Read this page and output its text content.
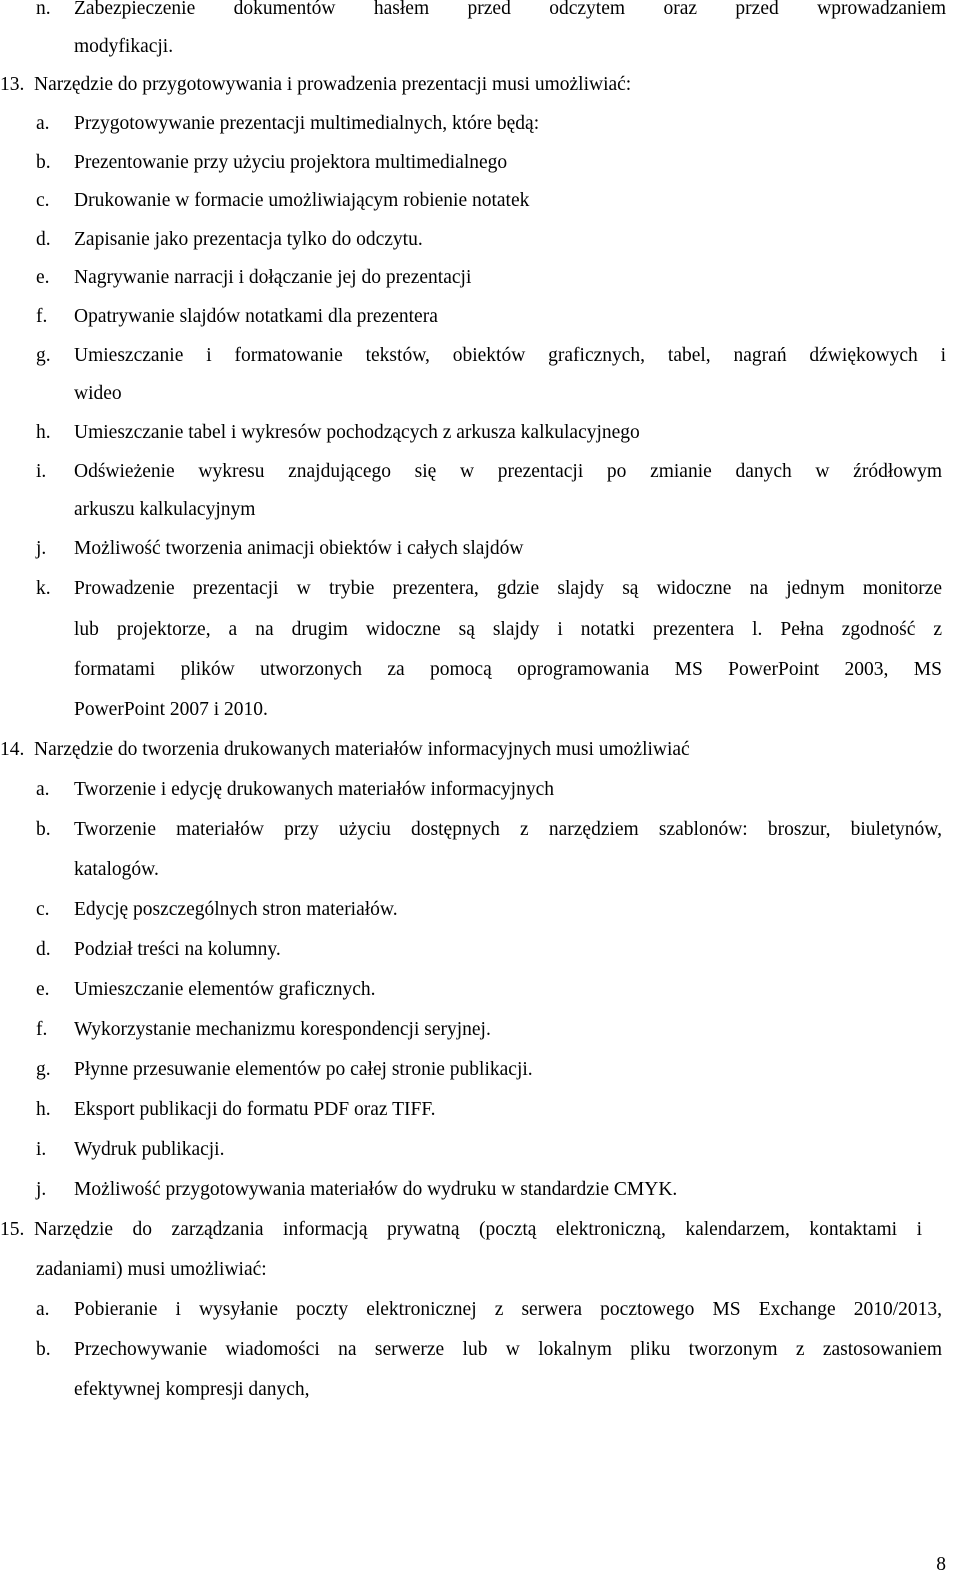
n. Zabezpieczenie dokumentów hasłem przed odczytem oraz przed wprowadzaniem
modyfikacji.
13. Narzędzie do przygotowywania i prowadzenia prezentacji musi umożliwiać:
a. Przygotowywanie prezentacji multimedialnych, które będą:
b. Prezentowanie przy użyciu projektora multimedialnego
c. Drukowanie w formacie umożliwiającym robienie notatek
d. Zapisanie jako prezentacja tylko do odczytu.
e. Nagrywanie narracji i dołączanie jej do prezentacji
f. Opatrywanie slajdów notatkami dla prezentera
g. Umieszczanie i formatowanie tekstów, obiektów graficznych, tabel, nagrań dźwiękowych i
wideo
h. Umieszczanie tabel i wykresów pochodzących z arkusza kalkulacyjnego
i. Odświeżenie wykresu znajdującego się w prezentacji po zmianie danych w źródłowym
arkuszu kalkulacyjnym
j. Możliwość tworzenia animacji obiektów i całych slajdów
k. Prowadzenie prezentacji w trybie prezentera, gdzie slajdy są widoczne na jednym monitorze
lub projektorze, a na drugim widoczne są slajdy i notatki prezentera l. Pełna zgodność z
formatami plików utworzonych za pomocą oprogramowania MS PowerPoint 2003, MS
PowerPoint 2007 i 2010.
14. Narzędzie do tworzenia drukowanych materiałów informacyjnych musi umożliwiać
a. Tworzenie i edycję drukowanych materiałów informacyjnych
b. Tworzenie materiałów przy użyciu dostępnych z narzędziem szablonów: broszur, biuletynów,
katalogów.
c. Edycję poszczególnych stron materiałów.
d. Podział treści na kolumny.
e. Umieszczanie elementów graficznych.
f. Wykorzystanie mechanizmu korespondencji seryjnej.
g. Płynne przesuwanie elementów po całej stronie publikacji.
h. Eksport publikacji do formatu PDF oraz TIFF.
i. Wydruk publikacji.
j. Możliwość przygotowywania materiałów do wydruku w standardzie CMYK.
15. Narzędzie do zarządzania informacją prywatną (pocztą elektroniczną, kalendarzem, kontaktami i
zadaniami) musi umożliwiać:
a. Pobieranie i wysyłanie poczty elektronicznej z serwera pocztowego MS Exchange 2010/2013,
b. Przechowywanie wiadomości na serwerze lub w lokalnym pliku tworzonym z zastosowaniem
efektywnej kompresji danych,
8
